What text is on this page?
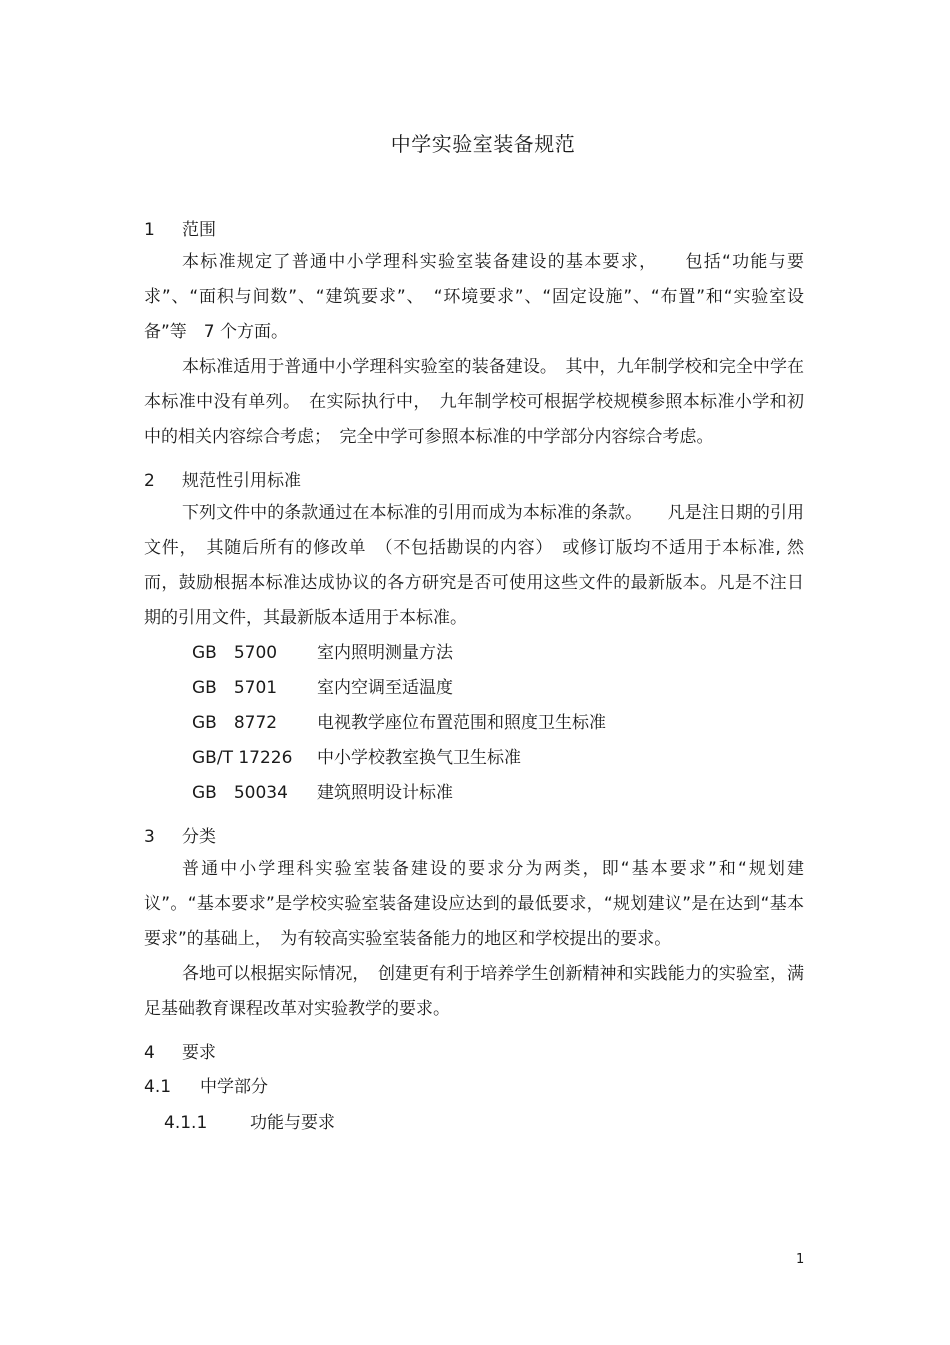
中学实验室装备规范
1 范围
本标准规定了普通中小学理科实验室装备建设的基本要求，　　包括“功能与要求”、“面积与间数”、“建筑要求”、　“环境要求”、“固定设施”、“布置”和“实验室设备”等　7 个方面。
本标准适用于普通中小学理科实验室的装备建设。　其中，九年制学校和完全中学在本标准中没有单列。　在实际执行中，　九年制学校可根据学校规模参照本标准小学和初中的相关内容综合考虑；　完全中学可参照本标准的中学部分内容综合考虑。
2 规范性引用标准
下列文件中的条款通过在本标准的引用而成为本标准的条款。　　凡是注日期的引用文件，　其随后所有的修改单　（不包括勘误的内容）　或修订版均不适用于本标准, 然而，鼓励根据本标准达成协议的各方研究是否可使用这些文件的最新版本。凡是不注日期的引用文件，其最新版本适用于本标准。
GB　5700 室内照明测量方法
GB　5701 室内空调至适温度
GB　8772 电视教学座位布置范围和照度卫生标准
GB/T 17226 中小学校教室换气卫生标准
GB　50034 建筑照明设计标准
3 分类
普通中小学理科实验室装备建设的要求分为两类，即“基本要求”和“规划建议”。“基本要求”是学校实验室装备建设应达到的最低要求，“规划建议”是在达到“基本要求”的基础上，　为有较高实验室装备能力的地区和学校提出的要求。
各地可以根据实际情况，　创建更有利于培养学生创新精神和实践能力的实验室，满足基础教育课程改革对实验教学的要求。
4 要求
4.1 中学部分
4.1.1	功能与要求
1
